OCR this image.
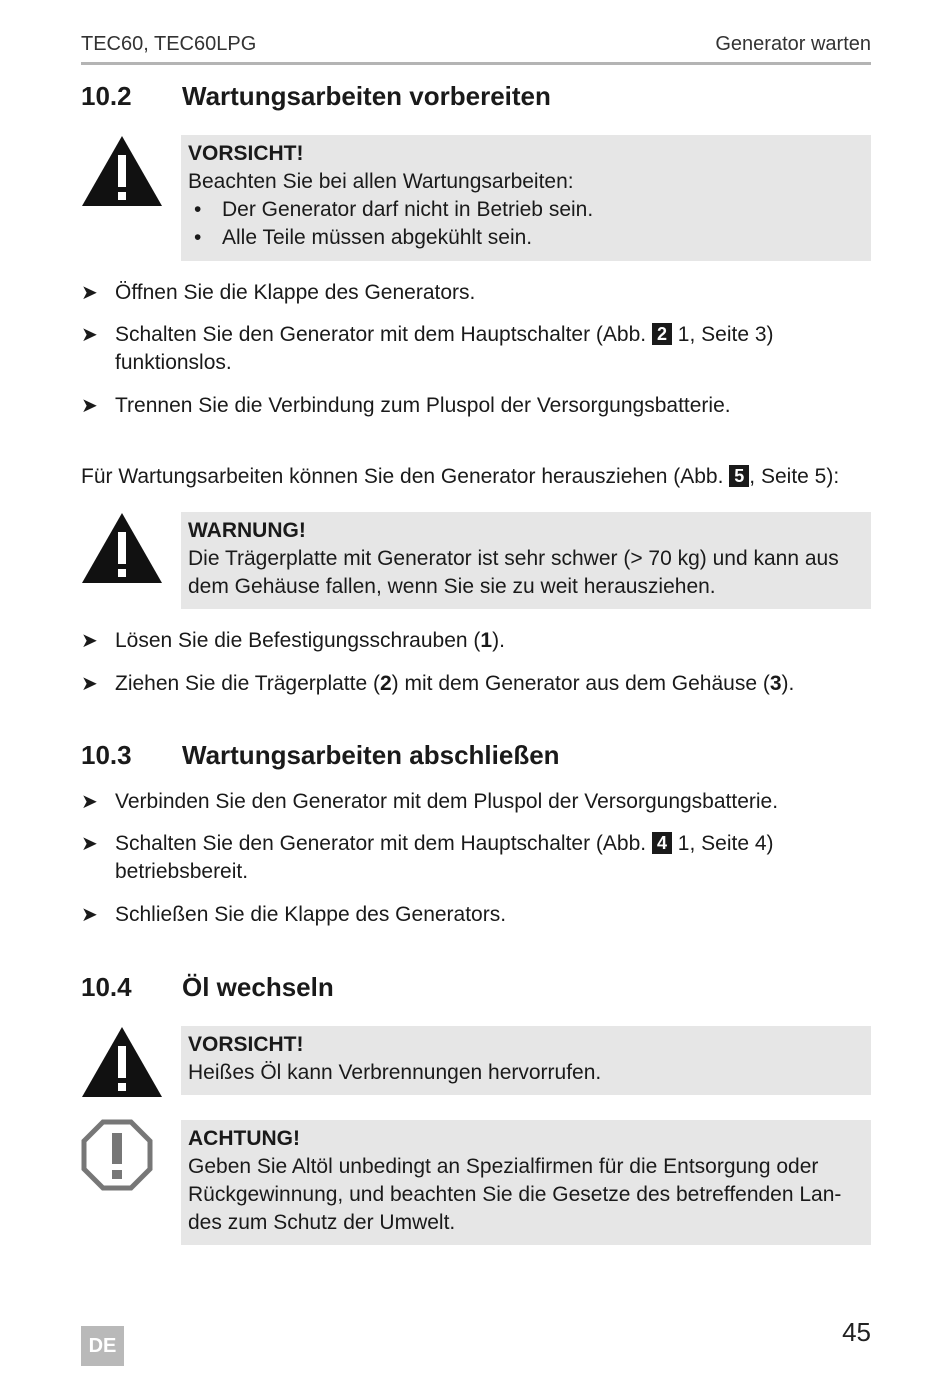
TEC60, TEC60LPG	Generator warten
10.2 Wartungsarbeiten vorbereiten
VORSICHT!
Beachten Sie bei allen Wartungsarbeiten:
• Der Generator darf nicht in Betrieb sein.
• Alle Teile müssen abgekühlt sein.
➤ Öffnen Sie die Klappe des Generators.
➤ Schalten Sie den Generator mit dem Hauptschalter (Abb. 2 1, Seite 3)
funktionslos.
➤ Trennen Sie die Verbindung zum Pluspol der Versorgungsbatterie.
Für Wartungsarbeiten können Sie den Generator herausziehen (Abb. 5 , Seite 5):
WARNUNG!
Die Trägerplatte mit Generator ist sehr schwer (> 70 kg) und kann aus
dem Gehäuse fallen, wenn Sie sie zu weit herausziehen.
➤ Lösen Sie die Befestigungsschrauben (1).
➤ Ziehen Sie die Trägerplatte (2) mit dem Generator aus dem Gehäuse (3).
10.3 Wartungsarbeiten abschließen
➤ Verbinden Sie den Generator mit dem Pluspol der Versorgungsbatterie.
➤ Schalten Sie den Generator mit dem Hauptschalter (Abb. 4 1, Seite 4)
betriebsbereit.
➤ Schließen Sie die Klappe des Generators.
10.4 Öl wechseln
VORSICHT!
Heißes Öl kann Verbrennungen hervorrufen.
ACHTUNG!
Geben Sie Altöl unbedingt an Spezialfirmen für die Entsorgung oder
Rückgewinnung, und beachten Sie die Gesetze des betreffenden Lan-
des zum Schutz der Umwelt.
DE	45
